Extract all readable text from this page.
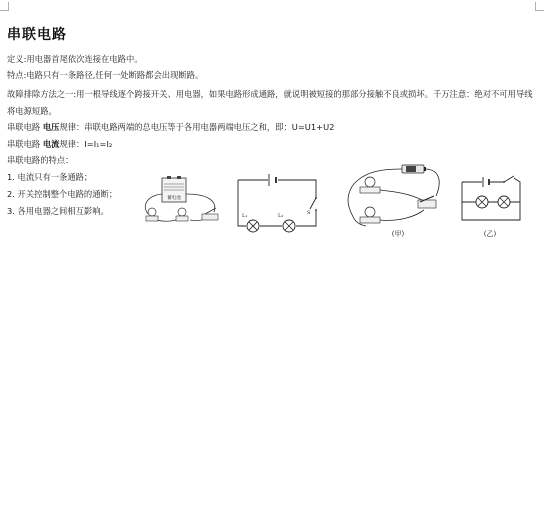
串联电路
定义:用电器首尾依次连接在电路中。
特点:电路只有一条路径,任何一处断路都会出现断路。
故障排除方法之一:用一根导线逐个跨接开关、用电器，如果电路形成通路，就说明被短接的那部分接触不良或损坏。千万注意：绝对不可用导线将电源短路。
串联电路 电压规律：串联电路两端的总电压等于各用电器两端电压之和，即：U=U1+U2
串联电路 电流规律：I=I₁=I₂
串联电路的特点：
1. 电流只有一条通路；
2. 开关控制整个电路的通断；
3. 各用电器之间相互影响。
蓄电池
S
L₁	L₂
(甲)	(乙)
